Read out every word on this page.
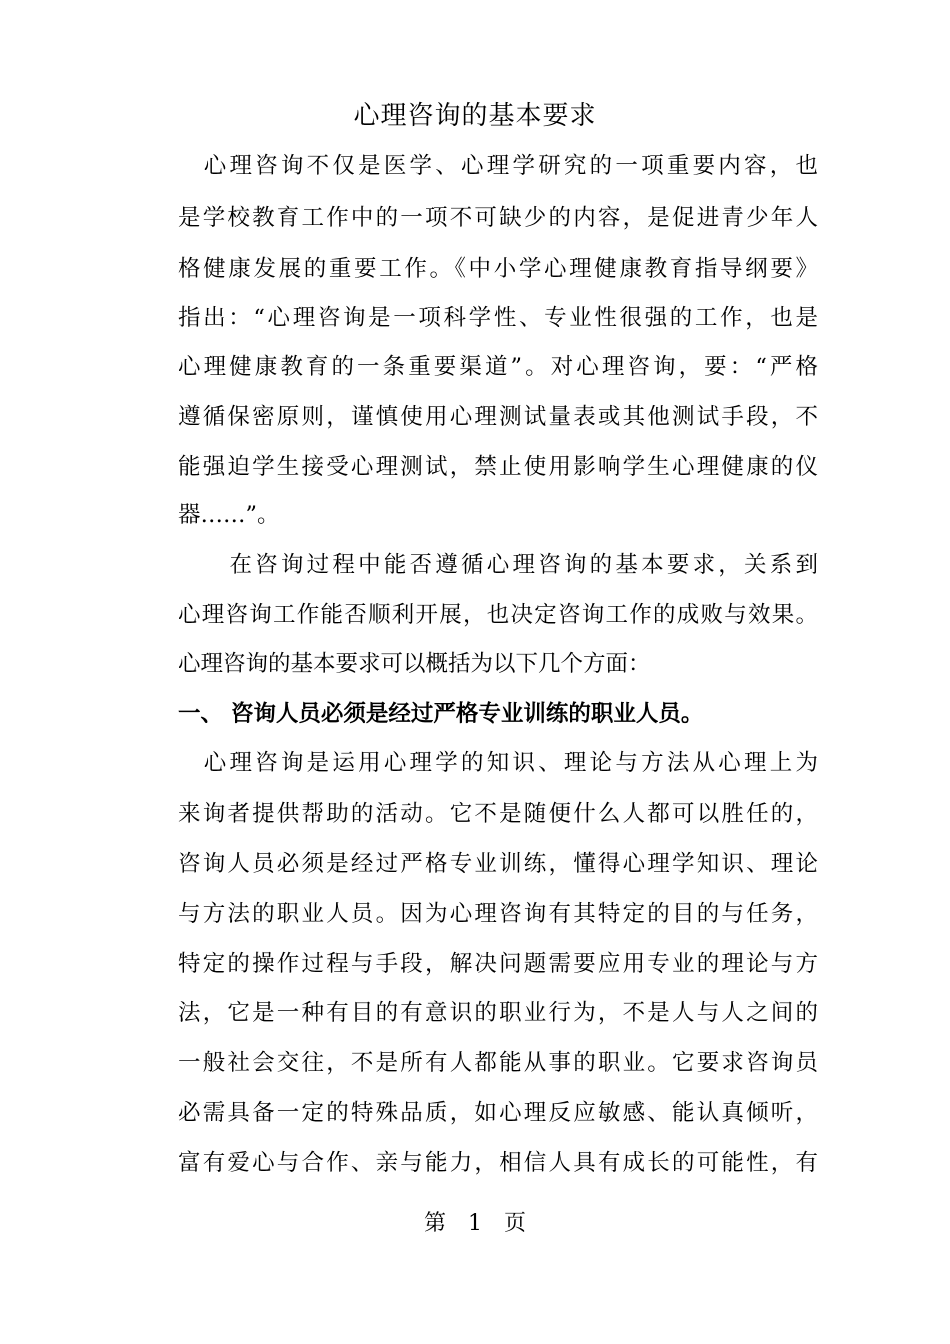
心理咨询的基本要求
　心理咨询不仅是医学、心理学研究的一项重要内容，也
是学校教育工作中的一项不可缺少的内容，是促进青少年人
格健康发展的重要工作。《中小学心理健康教育指导纲要》
指出：“心理咨询是一项科学性、专业性很强的工作，也是
心理健康教育的一条重要渠道”。对心理咨询，要：“严格
遵循保密原则，谨慎使用心理测试量表或其他测试手段，不
能强迫学生接受心理测试，禁止使用影响学生心理健康的仪
器……”。
　　在咨询过程中能否遵循心理咨询的基本要求，关系到
心理咨询工作能否顺利开展，也决定咨询工作的成败与效果。
心理咨询的基本要求可以概括为以下几个方面：
一、 咨询人员必须是经过严格专业训练的职业人员。
　心理咨询是运用心理学的知识、理论与方法从心理上为
来询者提供帮助的活动。它不是随便什么人都可以胜任的，
咨询人员必须是经过严格专业训练，懂得心理学知识、理论
与方法的职业人员。因为心理咨询有其特定的目的与任务，
特定的操作过程与手段，解决问题需要应用专业的理论与方
法，它是一种有目的有意识的职业行为，不是人与人之间的
一般社会交往，不是所有人都能从事的职业。它要求咨询员
必需具备一定的特殊品质，如心理反应敏感、能认真倾听，
富有爱心与合作、亲与能力，相信人具有成长的可能性，有
第　1　页
